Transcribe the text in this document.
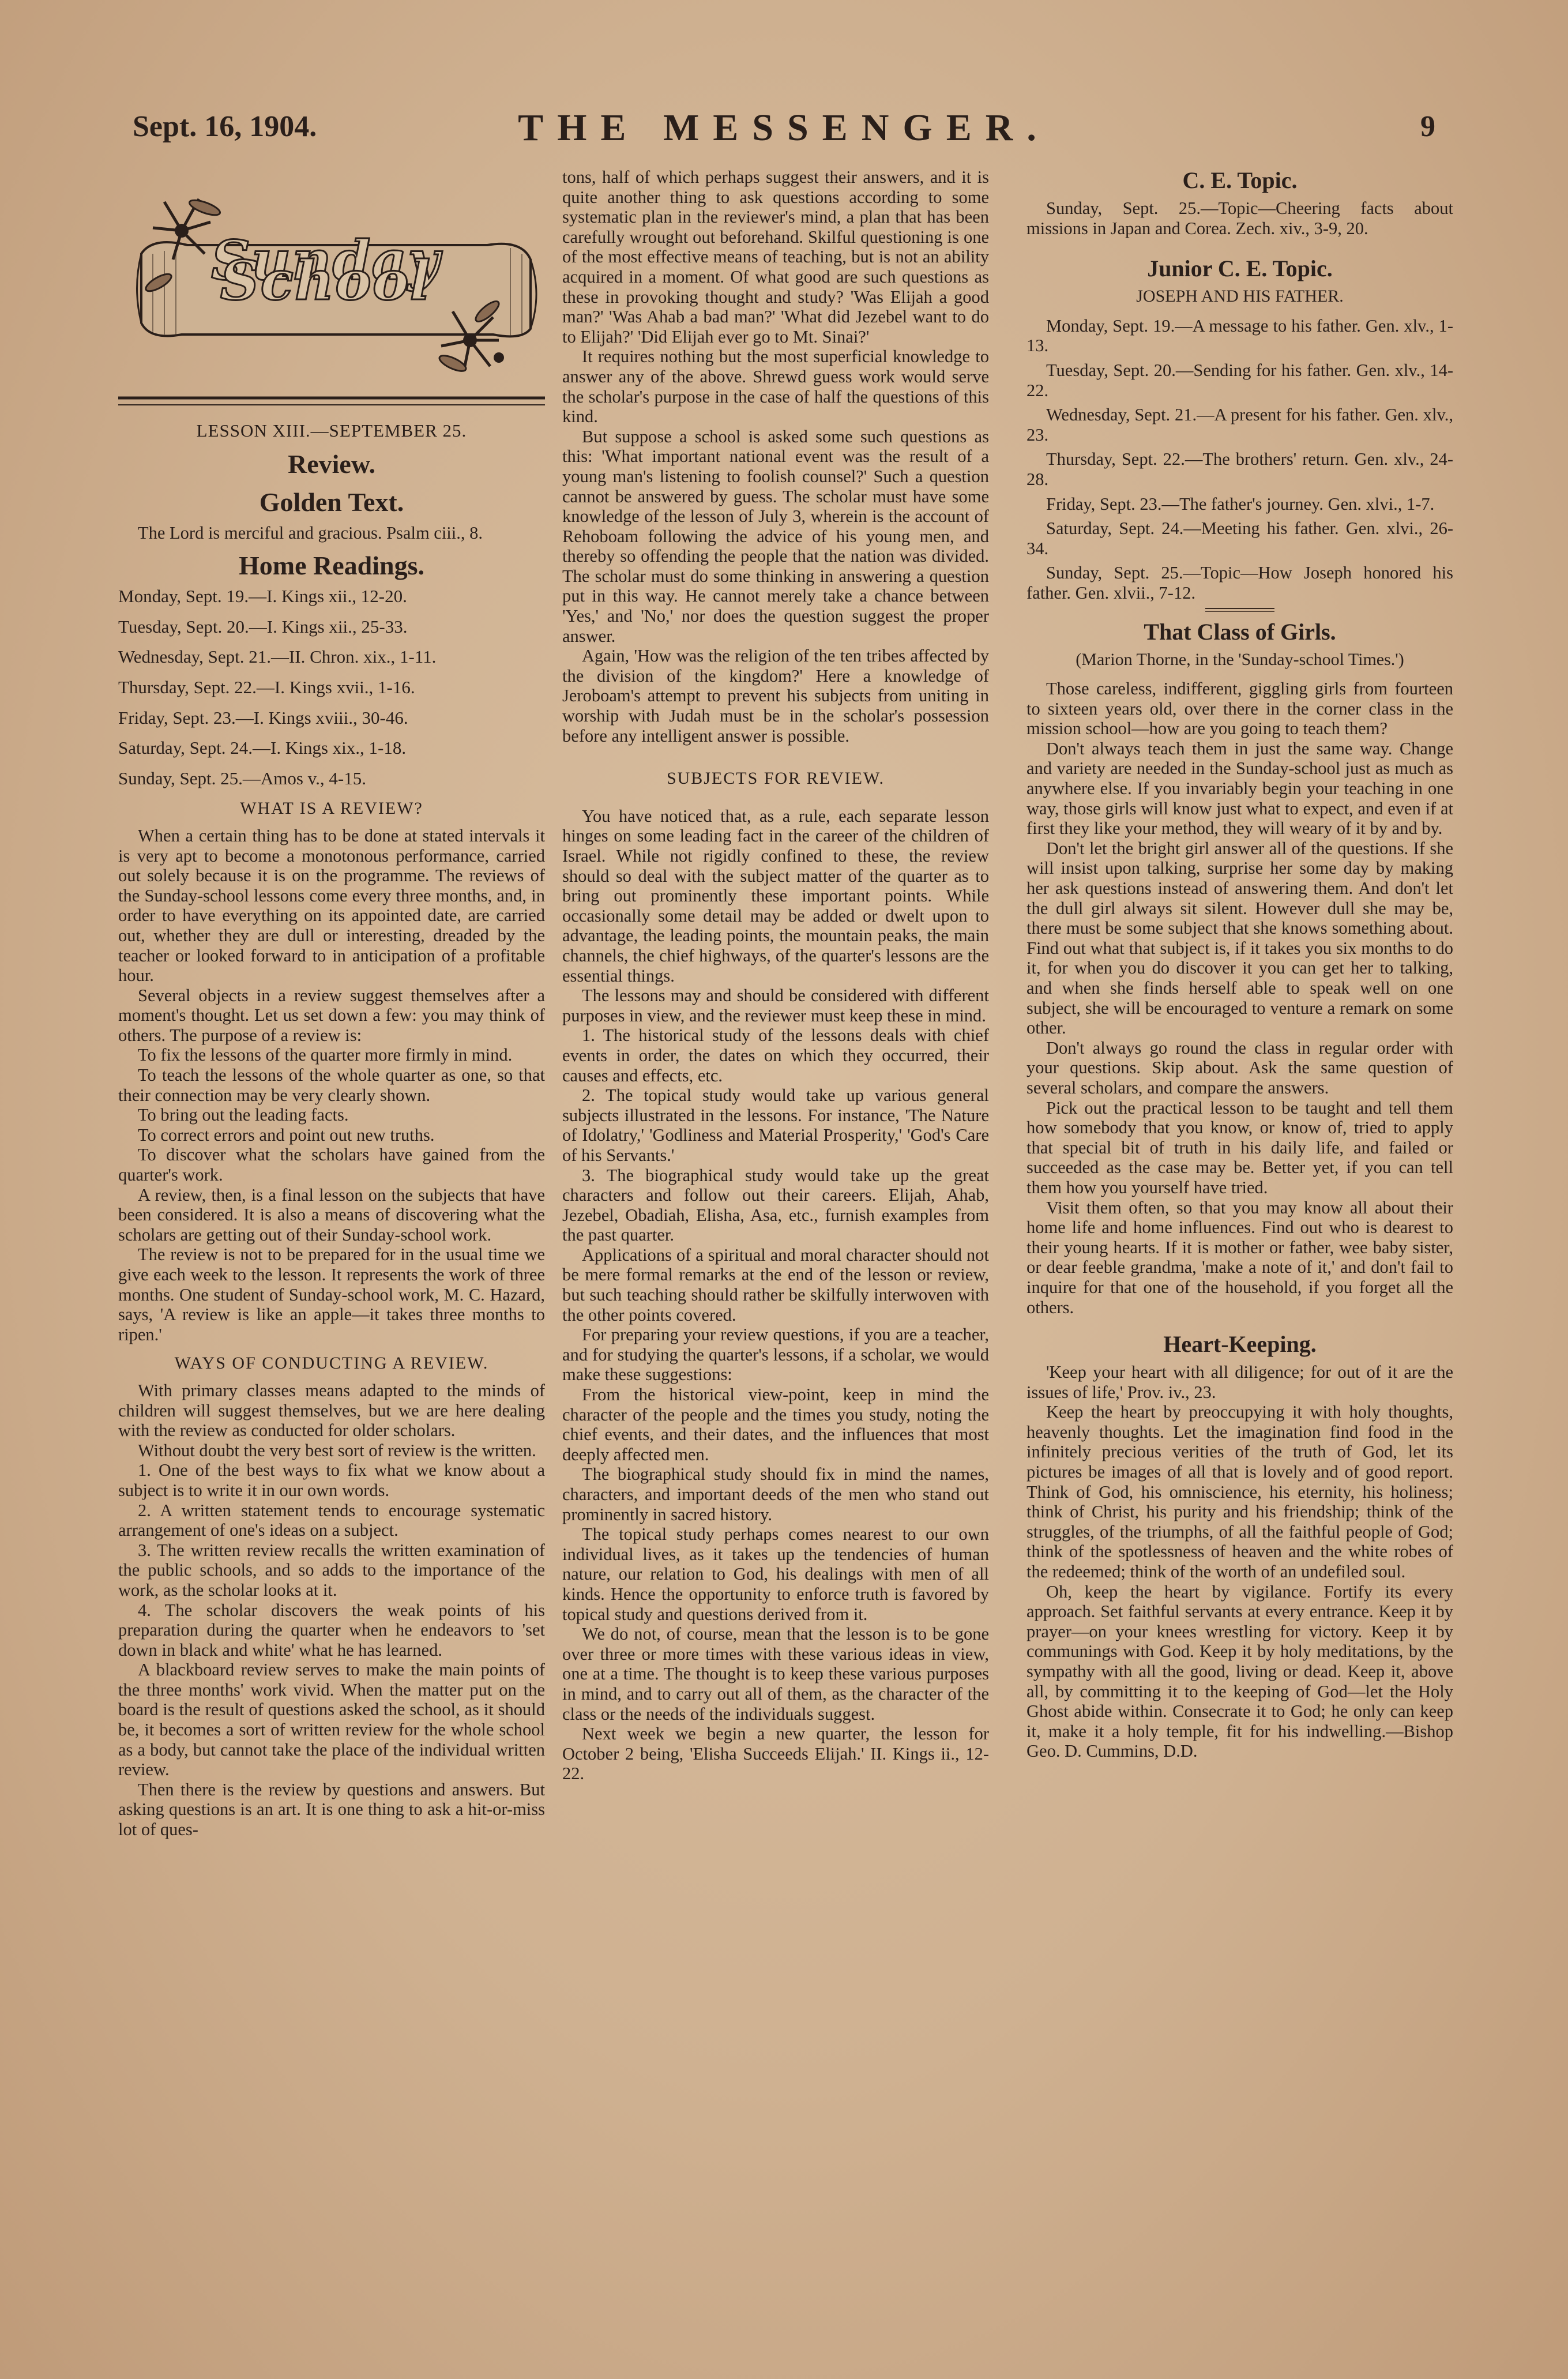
Sept. 16, 1904.	THE MESSENGER.	9
Sunday School
LESSON XIII.—SEPTEMBER 25.
Review.
Golden Text.

The Lord is merciful and gracious. Psalm ciii., 8.

Home Readings.

Monday, Sept. 19.—I. Kings xii., 12-20.

Tuesday, Sept. 20.—I. Kings xii., 25-33.

Wednesday, Sept. 21.—II. Chron. xix., 1-11.

Thursday, Sept. 22.—I. Kings xvii., 1-16.

Friday, Sept. 23.—I. Kings xviii., 30-46.

Saturday, Sept. 24.—I. Kings xix., 1-18.

Sunday, Sept. 25.—Amos v., 4-15.

WHAT IS A REVIEW?

When a certain thing has to be done at stated intervals it is very apt to become a monotonous performance, carried out solely because it is on the programme. The reviews of the Sunday-school lessons come every three months, and, in order to have everything on its appointed date, are carried out, whether they are dull or interesting, dreaded by the teacher or looked forward to in anticipation of a profitable hour.

Several objects in a review suggest themselves after a moment's thought. Let us set down a few: you may think of others. The purpose of a review is:

To fix the lessons of the quarter more firmly in mind.

To teach the lessons of the whole quarter as one, so that their connection may be very clearly shown.

To bring out the leading facts.

To correct errors and point out new truths.

To discover what the scholars have gained from the quarter's work.

A review, then, is a final lesson on the subjects that have been considered. It is also a means of discovering what the scholars are getting out of their Sunday-school work.

The review is not to be prepared for in the usual time we give each week to the lesson. It represents the work of three months. One student of Sunday-school work, M. C. Hazard, says, 'A review is like an apple—it takes three months to ripen.'

WAYS OF CONDUCTING A REVIEW.

With primary classes means adapted to the minds of children will suggest themselves, but we are here dealing with the review as conducted for older scholars.

Without doubt the very best sort of review is the written.

1. One of the best ways to fix what we know about a subject is to write it in our own words.

2. A written statement tends to encourage systematic arrangement of one's ideas on a subject.

3. The written review recalls the written examination of the public schools, and so adds to the importance of the work, as the scholar looks at it.

4. The scholar discovers the weak points of his preparation during the quarter when he endeavors to 'set down in black and white' what he has learned.

A blackboard review serves to make the main points of the three months' work vivid. When the matter put on the board is the result of questions asked the school, as it should be, it becomes a sort of written review for the whole school as a body, but cannot take the place of the individual written review.

Then there is the review by questions and answers. But asking questions is an art. It is one thing to ask a hit-or-miss lot of ques-

tons, half of which perhaps suggest their answers, and it is quite another thing to ask questions according to some systematic plan in the reviewer's mind, a plan that has been carefully wrought out beforehand. Skilful questioning is one of the most effective means of teaching, but is not an ability acquired in a moment. Of what good are such questions as these in provoking thought and study? 'Was Elijah a good man?' 'Was Ahab a bad man?' 'What did Jezebel want to do to Elijah?' 'Did Elijah ever go to Mt. Sinai?'

It requires nothing but the most superficial knowledge to answer any of the above. Shrewd guess work would serve the scholar's purpose in the case of half the questions of this kind.

But suppose a school is asked some such questions as this: 'What important national event was the result of a young man's listening to foolish counsel?' Such a question cannot be answered by guess. The scholar must have some knowledge of the lesson of July 3, wherein is the account of Rehoboam following the advice of his young men, and thereby so offending the people that the nation was divided. The scholar must do some thinking in answering a question put in this way. He cannot merely take a chance between 'Yes,' and 'No,' nor does the question suggest the proper answer.

Again, 'How was the religion of the ten tribes affected by the division of the kingdom?' Here a knowledge of Jeroboam's attempt to prevent his subjects from uniting in worship with Judah must be in the scholar's possession before any intelligent answer is possible.

SUBJECTS FOR REVIEW.

You have noticed that, as a rule, each separate lesson hinges on some leading fact in the career of the children of Israel. While not rigidly confined to these, the review should so deal with the subject matter of the quarter as to bring out prominently these important points. While occasionally some detail may be added or dwelt upon to advantage, the leading points, the mountain peaks, the main channels, the chief highways, of the quarter's lessons are the essential things.

The lessons may and should be considered with different purposes in view, and the reviewer must keep these in mind.

1. The historical study of the lessons deals with chief events in order, the dates on which they occurred, their causes and effects, etc.

2. The topical study would take up various general subjects illustrated in the lessons. For instance, 'The Nature of Idolatry,' 'Godliness and Material Prosperity,' 'God's Care of his Servants.'

3. The biographical study would take up the great characters and follow out their careers. Elijah, Ahab, Jezebel, Obadiah, Elisha, Asa, etc., furnish examples from the past quarter.

Applications of a spiritual and moral character should not be mere formal remarks at the end of the lesson or review, but such teaching should rather be skilfully interwoven with the other points covered.

For preparing your review questions, if you are a teacher, and for studying the quarter's lessons, if a scholar, we would make these suggestions:

From the historical view-point, keep in mind the character of the people and the times you study, noting the chief events, and their dates, and the influences that most deeply affected men.

The biographical study should fix in mind the names, characters, and important deeds of the men who stand out prominently in sacred history.

The topical study perhaps comes nearest to our own individual lives, as it takes up the tendencies of human nature, our relation to God, his dealings with men of all kinds. Hence the opportunity to enforce truth is favored by topical study and questions derived from it.

We do not, of course, mean that the lesson is to be gone over three or more times with these various ideas in view, one at a time. The thought is to keep these various purposes in mind, and to carry out all of them, as the character of the class or the needs of the individuals suggest.

Next week we begin a new quarter, the lesson for October 2 being, 'Elisha Succeeds Elijah.' II. Kings ii., 12-22.

C. E. Topic.

Sunday, Sept. 25.—Topic—Cheering facts about missions in Japan and Corea. Zech. xiv., 3-9, 20.

Junior C. E. Topic.
JOSEPH AND HIS FATHER.

Monday, Sept. 19.—A message to his father. Gen. xlv., 1-13.

Tuesday, Sept. 20.—Sending for his father. Gen. xlv., 14-22.

Wednesday, Sept. 21.—A present for his father. Gen. xlv., 23.

Thursday, Sept. 22.—The brothers' return. Gen. xlv., 24-28.

Friday, Sept. 23.—The father's journey. Gen. xlvi., 1-7.

Saturday, Sept. 24.—Meeting his father. Gen. xlvi., 26-34.

Sunday, Sept. 25.—Topic—How Joseph honored his father. Gen. xlvii., 7-12.

That Class of Girls.
(Marion Thorne, in the 'Sunday-school Times.')

Those careless, indifferent, giggling girls from fourteen to sixteen years old, over there in the corner class in the mission school—how are you going to teach them?

Don't always teach them in just the same way. Change and variety are needed in the Sunday-school just as much as anywhere else. If you invariably begin your teaching in one way, those girls will know just what to expect, and even if at first they like your method, they will weary of it by and by.

Don't let the bright girl answer all of the questions. If she will insist upon talking, surprise her some day by making her ask questions instead of answering them. And don't let the dull girl always sit silent. However dull she may be, there must be some subject that she knows something about. Find out what that subject is, if it takes you six months to do it, for when you do discover it you can get her to talking, and when she finds herself able to speak well on one subject, she will be encouraged to venture a remark on some other.

Don't always go round the class in regular order with your questions. Skip about. Ask the same question of several scholars, and compare the answers.

Pick out the practical lesson to be taught and tell them how somebody that you know, or know of, tried to apply that special bit of truth in his daily life, and failed or succeeded as the case may be. Better yet, if you can tell them how you yourself have tried.

Visit them often, so that you may know all about their home life and home influences. Find out who is dearest to their young hearts. If it is mother or father, wee baby sister, or dear feeble grandma, 'make a note of it,' and don't fail to inquire for that one of the household, if you forget all the others.

Heart-Keeping.

'Keep your heart with all diligence; for out of it are the issues of life,' Prov. iv., 23.

Keep the heart by preoccupying it with holy thoughts, heavenly thoughts. Let the imagination find food in the infinitely precious verities of the truth of God, let its pictures be images of all that is lovely and of good report. Think of God, his omniscience, his eternity, his holiness; think of Christ, his purity and his friendship; think of the struggles, of the triumphs, of all the faithful people of God; think of the spotlessness of heaven and the white robes of the redeemed; think of the worth of an undefiled soul.

Oh, keep the heart by vigilance. Fortify its every approach. Set faithful servants at every entrance. Keep it by prayer—on your knees wrestling for victory. Keep it by communings with God. Keep it by holy meditations, by the sympathy with all the good, living or dead. Keep it, above all, by committing it to the keeping of God—let the Holy Ghost abide within. Consecrate it to God; he only can keep it, make it a holy temple, fit for his indwelling.—Bishop Geo. D. Cummins, D.D.
